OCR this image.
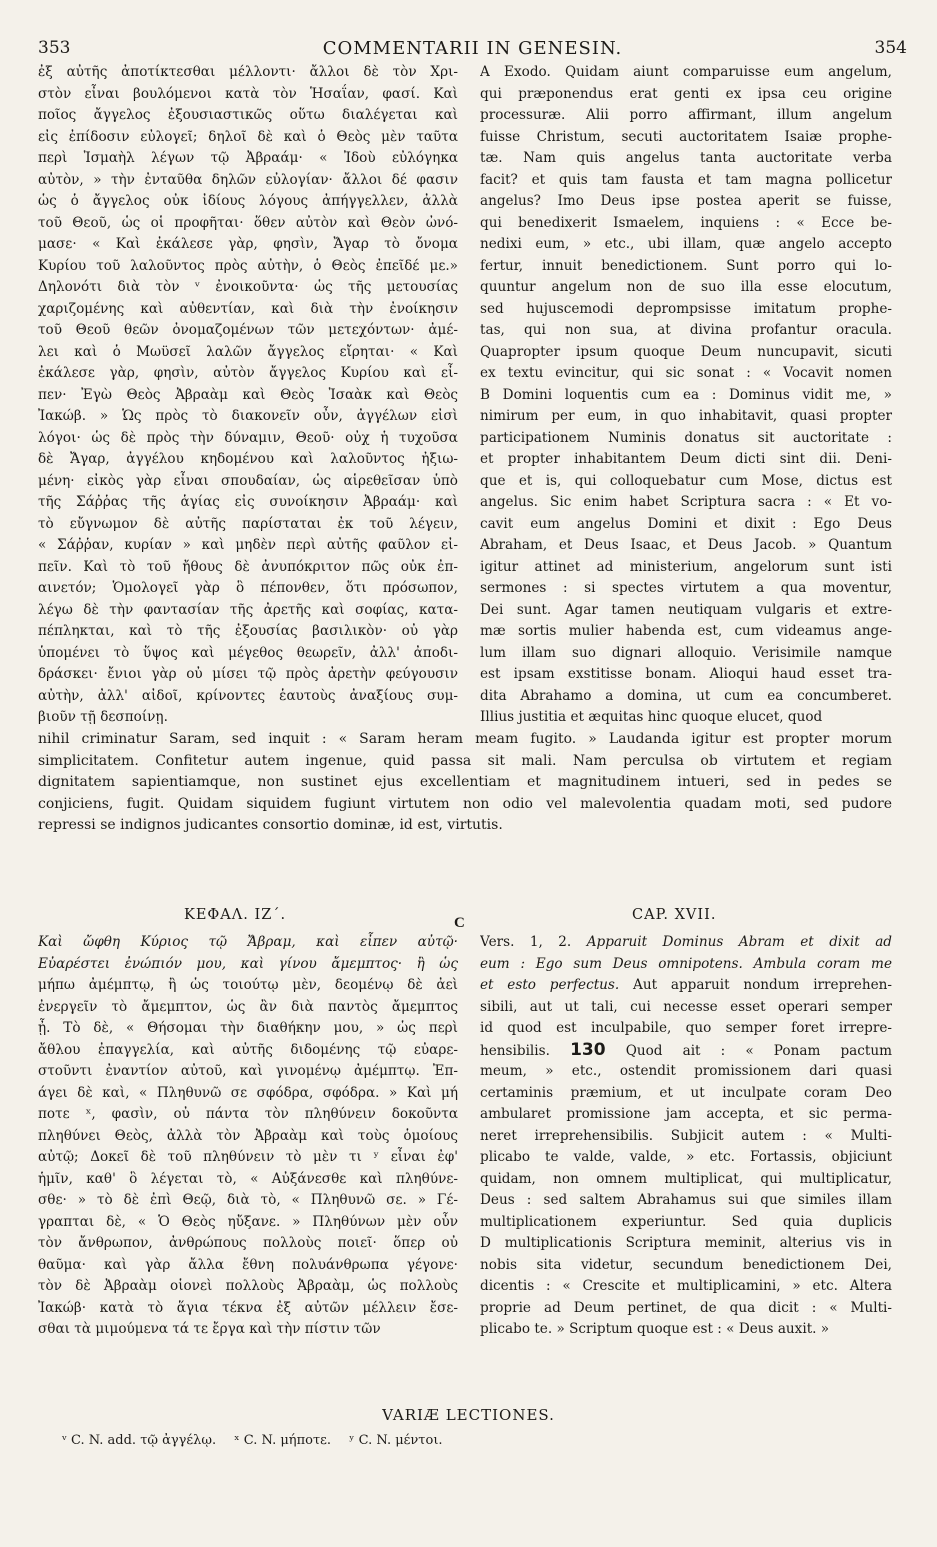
353	COMMENTARII IN GENESIN.	354
ἐξ αὐτῆς ἀποτίκτεσθαι μέλλοντι· ἄλλοι δὲ τὸν Χρι-
στὸν εἶναι βουλόμενοι κατὰ τὸν Ἡσαΐαν, φασί. Καὶ
ποῖος ἄγγελος ἐξουσιαστικῶς οὕτω διαλέγεται καὶ
εἰς ἐπίδοσιν εὐλογεῖ; δηλοῖ δὲ καὶ ὁ Θεὸς μὲν ταῦτα
περὶ Ἰσμαὴλ λέγων τῷ Ἀβραάμ· « Ἰδοὺ εὐλόγηκα
αὐτὸν, » τὴν ἐνταῦθα δηλῶν εὐλογίαν· ἄλλοι δέ φασιν
ὡς ὁ ἄγγελος οὐκ ἰδίους λόγους ἀπήγγελλεν, ἀλλὰ
τοῦ Θεοῦ, ὡς οἱ προφῆται· ὅθεν αὐτὸν καὶ Θεὸν ὠνό-
μασε· « Καὶ ἐκάλεσε γὰρ, φησὶν, Ἄγαρ τὸ ὄνομα
Κυρίου τοῦ λαλοῦντος πρὸς αὐτὴν, ὁ Θεὸς ἐπεῖδέ με.»
Δηλονότι διὰ τὸν ᵛ ἐνοικοῦντα· ὡς τῆς μετουσίας
χαριζομένης καὶ αὐθεντίαν, καὶ διὰ τὴν ἐνοίκησιν
τοῦ Θεοῦ θεῶν ὀνομαζομένων τῶν μετεχόντων· ἀμέ-
λει καὶ ὁ Μωϋσεῖ λαλῶν ἄγγελος εἴρηται· « Καὶ
ἐκάλεσε γὰρ, φησὶν, αὐτὸν ἄγγελος Κυρίου καὶ εἶ-
πεν· Ἐγὼ Θεὸς Ἀβραὰμ καὶ Θεὸς Ἰσαὰκ καὶ Θεὸς
Ἰακώβ. » Ὡς πρὸς τὸ διακονεῖν οὖν, ἀγγέλων εἰσὶ
λόγοι· ὡς δὲ πρὸς τὴν δύναμιν, Θεοῦ· οὐχ ἡ τυχοῦσα
δὲ Ἄγαρ, ἀγγέλου κηδομένου καὶ λαλοῦντος ἠξιω-
μένη· εἰκὸς γὰρ εἶναι σπουδαίαν, ὡς αἱρεθεῖσαν ὑπὸ
τῆς Σάῤῥας τῆς ἁγίας εἰς συνοίκησιν Ἀβραάμ· καὶ
τὸ εὔγνωμον δὲ αὐτῆς παρίσταται ἐκ τοῦ λέγειν,
« Σάῤῥαν, κυρίαν » καὶ μηδὲν περὶ αὐτῆς φαῦλον εἰ-
πεῖν. Καὶ τὸ τοῦ ἤθους δὲ ἀνυπόκριτον πῶς οὐκ ἐπ-
αινετόν; Ὁμολογεῖ γὰρ ὃ πέπονθεν, ὅτι πρόσωπον,
λέγω δὲ τὴν φαντασίαν τῆς ἀρετῆς καὶ σοφίας, κατα-
πέπληκται, καὶ τὸ τῆς ἐξουσίας βασιλικὸν· οὐ γὰρ
ὑπομένει τὸ ὕψος καὶ μέγεθος θεωρεῖν, ἀλλ' ἀποδι-
δράσκει· ἔνιοι γὰρ οὐ μίσει τῷ πρὸς ἀρετὴν φεύγουσιν
αὐτὴν, ἀλλ' αἰδοῖ, κρίνοντες ἑαυτοὺς ἀναξίους συμ-
βιοῦν τῇ δεσποίνῃ.
A Exodo. Quidam aiunt comparuisse eum angelum,
qui præponendus erat genti ex ipsa ceu origine
processuræ. Alii porro affirmant, illum angelum
fuisse Christum, secuti auctoritatem Isaiæ prophe-
tæ. Nam quis angelus tanta auctoritate verba
facit? et quis tam fausta et tam magna pollicetur
angelus? Imo Deus ipse postea aperit se fuisse,
qui benedixerit Ismaelem, inquiens : « Ecce be-
nedixi eum, » etc., ubi illam, quæ angelo accepto
fertur, innuit benedictionem. Sunt porro qui lo-
quuntur angelum non de suo illa esse elocutum,
sed hujuscemodi deprompsisse imitatum prophe-
tas, qui non sua, at divina profantur oracula.
Quapropter ipsum quoque Deum nuncupavit, sicuti
ex textu evincitur, qui sic sonat : « Vocavit nomen
B Domini loquentis cum ea : Dominus vidit me, »
nimirum per eum, in quo inhabitavit, quasi propter
participationem Numinis donatus sit auctoritate :
et propter inhabitantem Deum dicti sint dii. Deni-
que et is, qui colloquebatur cum Mose, dictus est
angelus. Sic enim habet Scriptura sacra : « Et vo-
cavit eum angelus Domini et dixit : Ego Deus
Abraham, et Deus Isaac, et Deus Jacob. » Quantum
igitur attinet ad ministerium, angelorum sunt isti
sermones : si spectes virtutem a qua moventur,
Dei sunt. Agar tamen neutiquam vulgaris et extre-
mæ sortis mulier habenda est, cum videamus ange-
lum illam suo dignari alloquio. Verisimile namque
est ipsam exstitisse bonam. Alioqui haud esset tra-
dita Abrahamo a domina, ut cum ea concumberet.
Illius justitia et æquitas hinc quoque elucet, quod
nihil criminatur Saram, sed inquit : « Saram heram meam fugito. » Laudanda igitur est propter morum
simplicitatem. Confitetur autem ingenue, quid passa sit mali. Nam perculsa ob virtutem et regiam
dignitatem sapientiamque, non sustinet ejus excellentiam et magnitudinem intueri, sed in pedes se
conjiciens, fugit. Quidam siquidem fugiunt virtutem non odio vel malevolentia quadam moti, sed pudore
repressi se indignos judicantes consortio dominæ, id est, virtutis.
C
ΚΕΦΑΛ. ΙΖ΄.	CAP. XVII.
Καὶ ὤφθη Κύριος τῷ Ἄβραμ, καὶ εἶπεν αὐτῷ·
Εὐαρέστει ἐνώπιόν μου, καὶ γίνου ἄμεμπτος· ἢ ὡς
μήπω ἀμέμπτῳ, ἢ ὡς τοιούτῳ μὲν, δεομένῳ δὲ ἀεὶ
ἐνεργεῖν τὸ ἄμεμπτον, ὡς ἂν διὰ παντὸς ἄμεμπτος
ᾖ. Τὸ δὲ, « Θήσομαι τὴν διαθήκην μου, » ὡς περὶ
ἄθλου ἐπαγγελία, καὶ αὐτῆς διδομένης τῷ εὐαρε-
στοῦντι ἐναντίον αὐτοῦ, καὶ γινομένῳ ἀμέμπτῳ. Ἐπ-
άγει δὲ καὶ, « Πληθυνῶ σε σφόδρα, σφόδρα. » Καὶ μή
ποτε ˣ, φασὶν, οὐ πάντα τὸν πληθύνειν δοκοῦντα
πληθύνει Θεὸς, ἀλλὰ τὸν Ἀβραὰμ καὶ τοὺς ὁμοίους
αὐτῷ; Δοκεῖ δὲ τοῦ πληθύνειν τὸ μὲν τι ʸ εἶναι ἐφ'
ἡμῖν, καθ' ὃ λέγεται τὸ, « Αὐξάνεσθε καὶ πληθύνε-
σθε· » τὸ δὲ ἐπὶ Θεῷ, διὰ τὸ, « Πληθυνῶ σε. » Γέ-
γραπται δὲ, « Ὁ Θεὸς ηὔξανε. » Πληθύνων μὲν οὖν
τὸν ἄνθρωπον, ἀνθρώπους πολλοὺς ποιεῖ· ὅπερ οὐ
θαῦμα· καὶ γὰρ ἄλλα ἔθνη πολυάνθρωπα γέγονε·
τὸν δὲ Ἀβραὰμ οἱονεὶ πολλοὺς Ἀβραὰμ, ὡς πολλοὺς
Ἰακώβ· κατὰ τὸ ἅγια τέκνα ἐξ αὐτῶν μέλλειν ἔσε-
σθαι τὰ μιμούμενα τά τε ἔργα καὶ τὴν πίστιν τῶν
Vers. 1, 2. Apparuit Dominus Abram et dixit ad
eum : Ego sum Deus omnipotens. Ambula coram me
et esto perfectus. Aut apparuit nondum irreprehen-
sibili, aut ut tali, cui necesse esset operari semper
id quod est inculpabile, quo semper foret irrepre-
hensibilis. 130 Quod ait : « Ponam pactum
meum, » etc., ostendit promissionem dari quasi
certaminis præmium, et ut inculpate coram Deo
ambularet promissione jam accepta, et sic perma-
neret irreprehensibilis. Subjicit autem : « Multi-
plicabo te valde, valde, » etc. Fortassis, objiciunt
quidam, non omnem multiplicat, qui multiplicatur,
Deus : sed saltem Abrahamus sui que similes illam
multiplicationem experiuntur. Sed quia duplicis
D multiplicationis Scriptura meminit, alterius vis in
nobis sita videtur, secundum benedictionem Dei,
dicentis : « Crescite et multiplicamini, » etc. Altera
proprie ad Deum pertinet, de qua dicit : « Multi-
plicabo te. » Scriptum quoque est : « Deus auxit. »
VARIÆ LECTIONES.
ᵛ C. N. add. τῷ ἀγγέλῳ. ˣ C. N. μήποτε. ʸ C. N. μέντοι.
